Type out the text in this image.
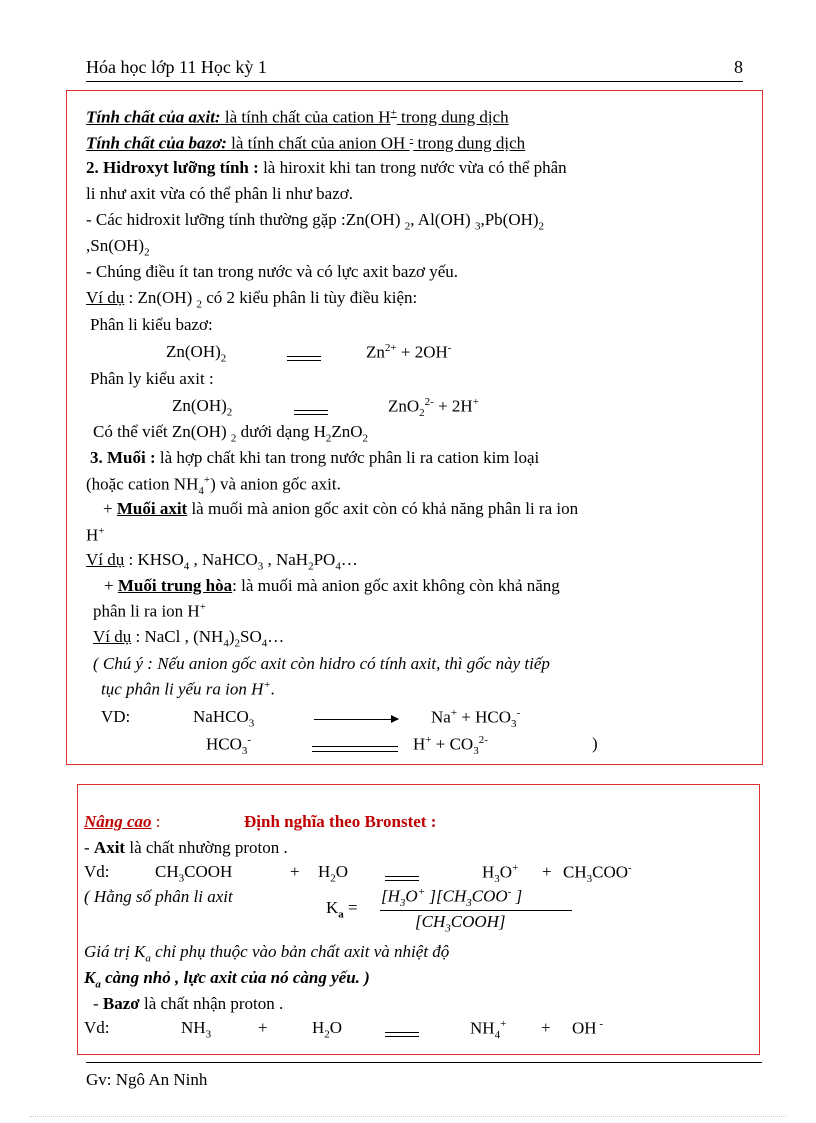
Hóa học lớp 11 Học kỳ 1	8
Tính chất của axit: là tính chất của cation H+ trong dung dịch
Tính chất của bazơ: là tính chất của anion OH - trong dung dịch
2. Hidroxyt lưỡng tính : là hiroxit khi tan trong nước vừa có thể phân
li như axit vừa có thể phân li như bazơ.
- Các hidroxit lưỡng tính thường gặp :Zn(OH) $_2$, Al(OH) $_3,Pb(OH)_2$
$,Sn(OH)_2$
- Chúng điều ít tan trong nước và có lực axit bazơ yếu.
Ví dụ : Zn(OH) $_2$ có 2 kiểu phân li tùy điều kiện:
Phân li kiểu bazơ:
$Zn(OH)_2$	$Zn^{2+} + 2OH^-$
Phân ly kiểu axit :
$Zn(OH)_2$	ZnO$_2^{2-}$ + 2H+
Có thể viết Zn(OH) $_2$ dưới dạng $H_2ZnO_2$
3. Muối : là hợp chất khi tan trong nước phân li ra cation kim loại
(hoặc cation $NH_4^+$) và anion gốc axit.
+ Muối axit là muối mà anion gốc axit còn có khả năng phân li ra ion
H+
Ví dụ : $KHSO_4$ , NaHCO$_3$ , $NaH_2PO_4\dots$
+ Muối trung hòa: là muối mà anion gốc axit không còn khả năng
phân li ra ion H+
Ví dụ : NaCl , $(NH_4)_2SO_4\dots$
( Chú ý : Nếu anion gốc axit còn hidro có tính axit, thì gốc này tiếp
tục phân li yếu ra ion H+.
VD:	NaHCO$_3$	$Na^+ + HCO_3^-$
$HCO_3^-$	$H^+ + CO_3^{2-}$	)
Nâng cao :	Định nghĩa theo Bronstet :
- Axit là chất nhường proton .
Vd:	$CH_3COOH$	+ $H_2O$	$H_3O^+ + CH_3COO^-$
( Hằng số phân li axit
$K_a$ =
[$H_3O^+$ ][$CH_3COO^-$ ]
$[CH_3COOH]$
Giá trị $K_a$ chỉ phụ thuộc vào bản chất axit và nhiệt độ
$K_a$ càng nhỏ , lực axit của nó càng yếu. )
- Bazơ là chất nhận proton .
Vd:	$NH_3$	+	$H_2O$	$NH_4^+$ + OH -
Gv: Ngô An Ninh
